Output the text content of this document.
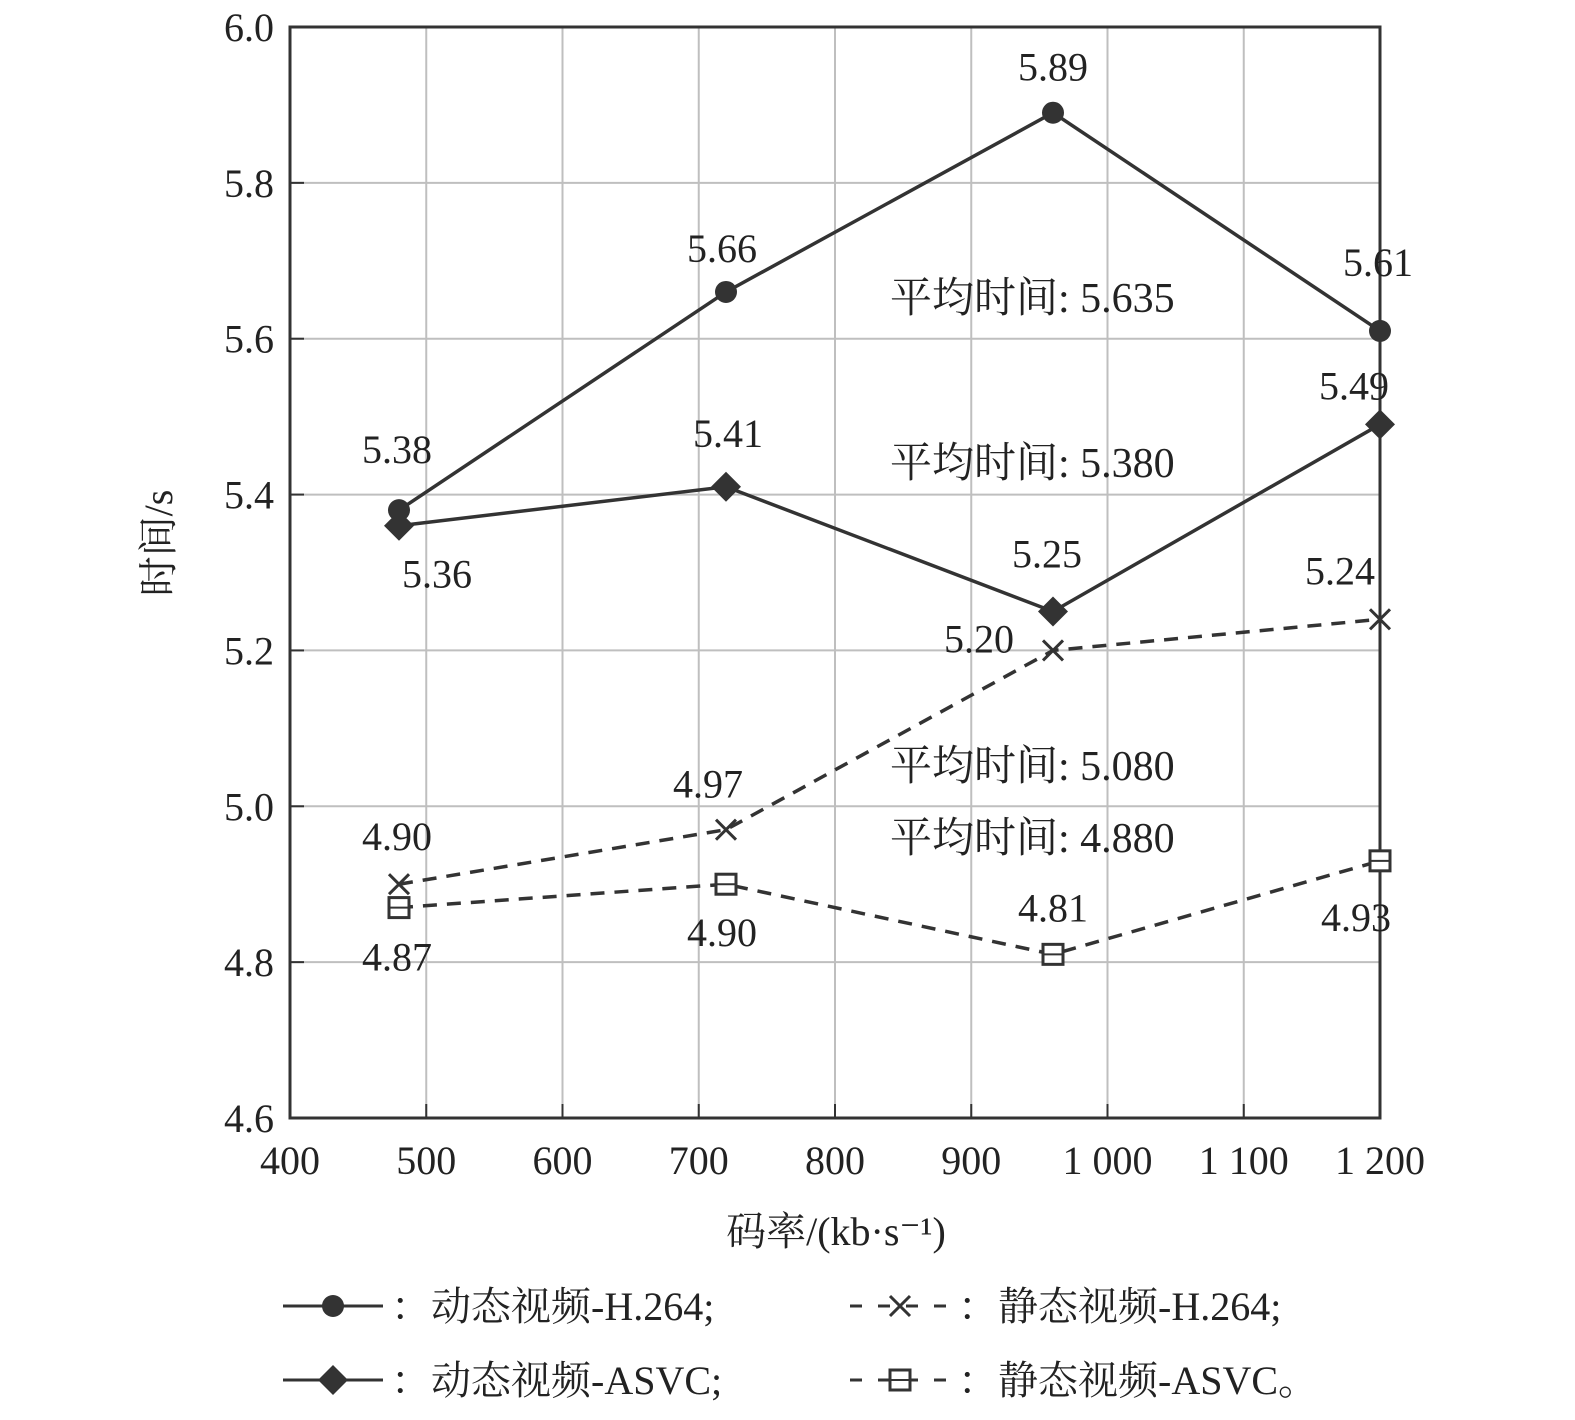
400 500 600 700 800 900 1 000 1 100 1 200
4.6
4.8
5.0
5.2
5.4
5.6
5.8
6.0
5.38
5.66
5.89
5.61
5.36
5.41
5.25
5.49
4.90
4.97
5.20
5.24
4.87
4.90
4.81	4.93
平均时间: 5.635
平均时间: 5.380
平均时间: 5.080
平均时间: 4.880
时间/s
码率/(kb·s⁻¹)
：动态视频-H.264;	：静态视频-H.264;
：动态视频-ASVC;	：静态视频-ASVC。
